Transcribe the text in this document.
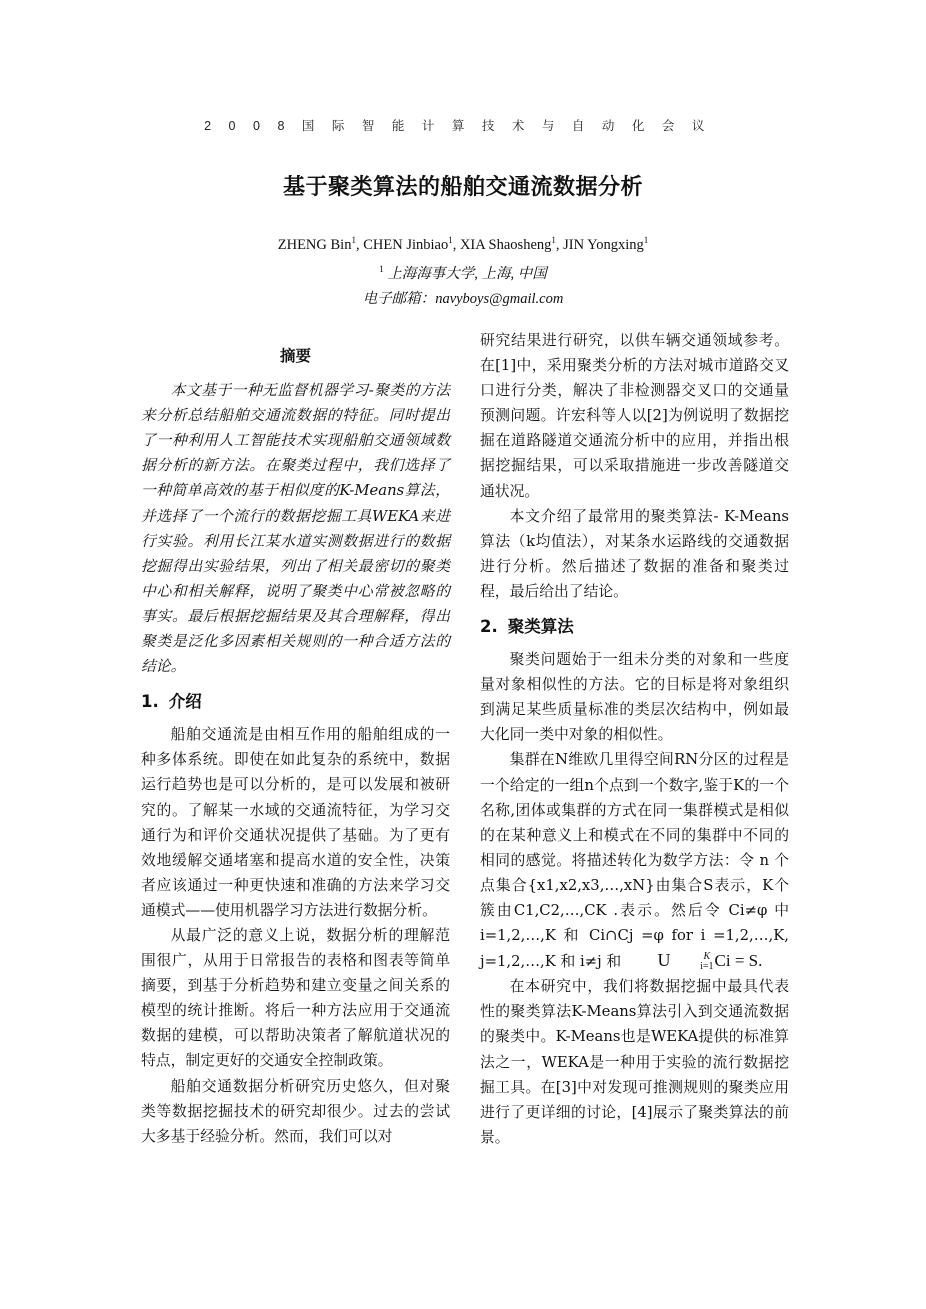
2008国际智能计算技术与自动化会议
基于聚类算法的船舶交通流数据分析
ZHENG Bin$^1$, CHEN Jinbiao$^1$, XIA Shaosheng$^1$, JIN Yongxing$^1$
$^1$ 上海海事大学, 上海, 中国
电子邮箱：navyboys@gmail.com
摘要

本文基于一种无监督机器学习-聚类的方法来分析总结船舶交通流数据的特征。同时提出了一种利用人工智能技术实现船舶交通领域数据分析的新方法。在聚类过程中，我们选择了一种简单高效的基于相似度的K-Means算法，并选择了一个流行的数据挖掘工具WEKA来进行实验。利用长江某水道实测数据进行的数据挖掘得出实验结果，列出了相关最密切的聚类中心和相关解释，说明了聚类中心常被忽略的事实。最后根据挖掘结果及其合理解释，得出聚类是泛化多因素相关规则的一种合适方法的结论。

1. 介绍

船舶交通流是由相互作用的船舶组成的一种多体系统。即使在如此复杂的系统中，数据运行趋势也是可以分析的，是可以发展和被研究的。了解某一水域的交通流特征，为学习交通行为和评价交通状况提供了基础。为了更有效地缓解交通堵塞和提高水道的安全性，决策者应该通过一种更快速和准确的方法来学习交通模式——使用机器学习方法进行数据分析。

从最广泛的意义上说，数据分析的理解范围很广，从用于日常报告的表格和图表等简单摘要，到基于分析趋势和建立变量之间关系的模型的统计推断。将后一种方法应用于交通流数据的建模，可以帮助决策者了解航道状况的特点，制定更好的交通安全控制政策。

船舶交通数据分析研究历史悠久，但对聚类等数据挖掘技术的研究却很少。过去的尝试大多基于经验分析。然而，我们可以对

研究结果进行研究，以供车辆交通领域参考。在[1]中，采用聚类分析的方法对城市道路交叉口进行分类，解决了非检测器交叉口的交通量预测问题。许宏科等人以[2]为例说明了数据挖掘在道路隧道交通流分析中的应用，并指出根据挖掘结果，可以采取措施进一步改善隧道交通状况。

本文介绍了最常用的聚类算法- K-Means算法（k均值法），对某条水运路线的交通数据进行分析。然后描述了数据的准备和聚类过程，最后给出了结论。

2. 聚类算法

聚类问题始于一组未分类的对象和一些度量对象相似性的方法。它的目标是将对象组织到满足某些质量标准的类层次结构中，例如最大化同一类中对象的相似性。

集群在N维欧几里得空间RN分区的过程是一个给定的一组n个点到一个数字,鉴于K的一个名称,团体或集群的方式在同一集群模式是相似的在某种意义上和模式在不同的集群中不同的相同的感觉。将描述转化为数学方法：令 n 个点集合{x1,x2,x3,…,xN}由集合S表示，K个簇由C1,C2,…,CK .表示。然后令 Ci≠φ 中i=1,2,…,K 和 Ci∩Cj =φ for i =1,2,…,K, j=1,2,…,K 和 i≠j 和 U	K
i=1 Ci = S.

在本研究中，我们将数据挖掘中最具代表性的聚类算法K-Means算法引入到交通流数据的聚类中。K-Means也是WEKA提供的标准算法之一，WEKA是一种用于实验的流行数据挖掘工具。在[3]中对发现可推测规则的聚类应用进行了更详细的讨论，[4]展示了聚类算法的前景。
